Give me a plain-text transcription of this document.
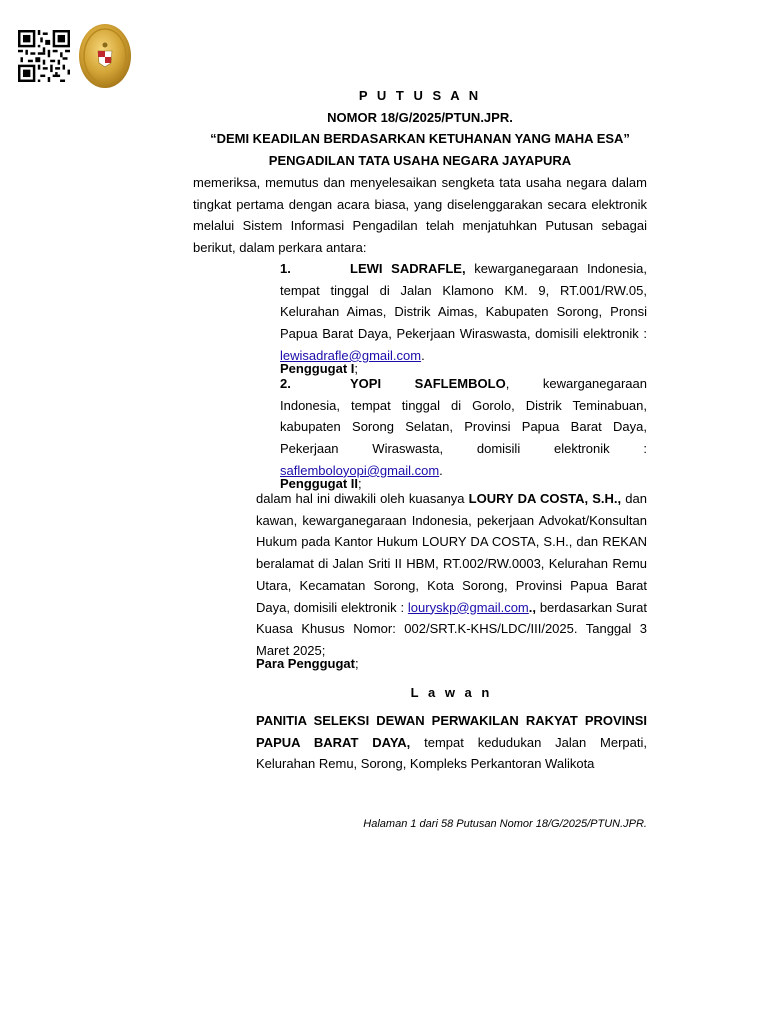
P U T U S A N
NOMOR 18/G/2025/PTUN.JPR.
“DEMI KEADILAN BERDASARKAN KETUHANAN YANG MAHA ESA”
PENGADILAN TATA USAHA NEGARA JAYAPURA
memeriksa, memutus dan menyelesaikan sengketa tata usaha negara dalam tingkat pertama dengan acara biasa, yang diselenggarakan secara elektronik melalui Sistem Informasi Pengadilan telah menjatuhkan Putusan sebagai berikut, dalam perkara antara:
1.	LEWI SADRAFLE, kewarganegaraan Indonesia, tempat tinggal di Jalan Klamono KM. 9, RT.001/RW.05, Kelurahan Aimas, Distrik Aimas, Kabupaten Sorong, Pronsi Papua Barat Daya, Pekerjaan Wiraswasta, domisili elektronik : lewisadrafle@gmail.com.
Penggugat I;
2.	YOPI SAFLEMBOLO, kewarganegaraan Indonesia, tempat tinggal di Gorolo, Distrik Teminabuan, kabupaten Sorong Selatan, Provinsi Papua Barat Daya, Pekerjaan Wiraswasta, domisili elektronik : saflemboloyopi@gmail.com.
Penggugat II;
dalam hal ini diwakili oleh kuasanya LOURY DA COSTA, S.H., dan kawan, kewarganegaraan Indonesia, pekerjaan Advokat/Konsultan Hukum pada Kantor Hukum LOURY DA COSTA, S.H., dan REKAN beralamat di Jalan Sriti II HBM, RT.002/RW.0003, Kelurahan Remu Utara, Kecamatan Sorong, Kota Sorong, Provinsi Papua Barat Daya, domisili elektronik : louryskp@gmail.com., berdasarkan Surat Kuasa Khusus Nomor: 002/SRT.K-KHS/LDC/III/2025. Tanggal 3 Maret 2025;
Para Penggugat;
L a w a n
PANITIA SELEKSI DEWAN PERWAKILAN RAKYAT PROVINSI PAPUA BARAT DAYA, tempat kedudukan Jalan Merpati, Kelurahan Remu, Sorong, Kompleks Perkantoran Walikota
Halaman 1 dari 58 Putusan Nomor 18/G/2025/PTUN.JPR.
